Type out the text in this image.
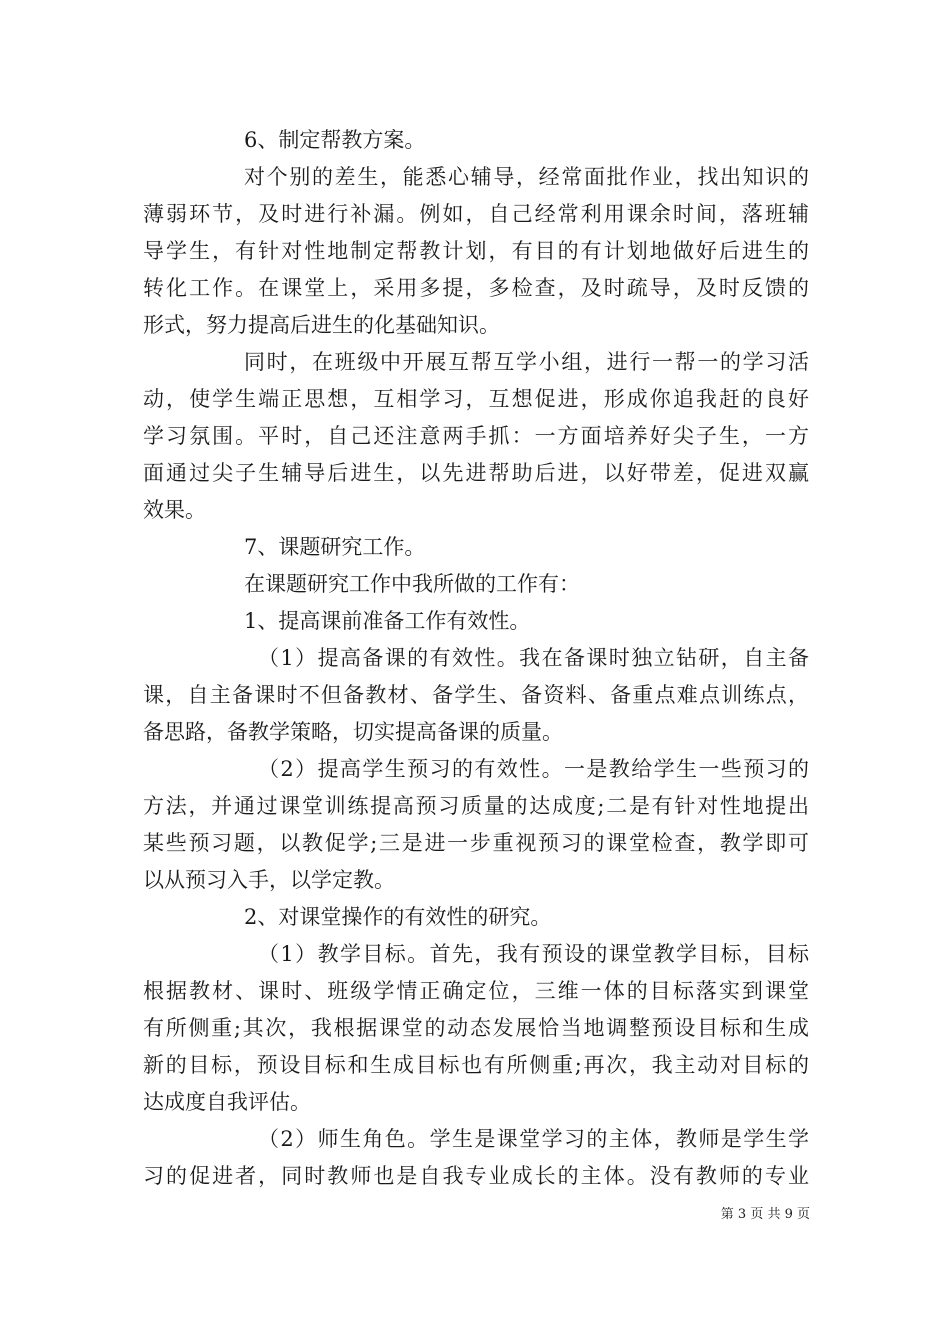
6、制定帮教方案。
对个别的差生，能悉心辅导，经常面批作业，找出知识的
薄弱环节，及时进行补漏。例如，自己经常利用课余时间，落班辅
导学生，有针对性地制定帮教计划，有目的有计划地做好后进生的
转化工作。在课堂上，采用多提，多检查，及时疏导，及时反馈的
形式，努力提高后进生的化基础知识。
同时，在班级中开展互帮互学小组，进行一帮一的学习活
动，使学生端正思想，互相学习，互想促进，形成你追我赶的良好
学习氛围。平时，自己还注意两手抓：一方面培养好尖子生，一方
面通过尖子生辅导后进生，以先进帮助后进，以好带差，促进双赢
效果。
7、课题研究工作。
在课题研究工作中我所做的工作有：
1、提高课前准备工作有效性。
（1）提高备课的有效性。我在备课时独立钻研，自主备
课，自主备课时不但备教材、备学生、备资料、备重点难点训练点，
备思路，备教学策略，切实提高备课的质量。
（2）提高学生预习的有效性。一是教给学生一些预习的
方法，并通过课堂训练提高预习质量的达成度;二是有针对性地提出
某些预习题，以教促学;三是进一步重视预习的课堂检查，教学即可
以从预习入手，以学定教。
2、对课堂操作的有效性的研究。
（1）教学目标。首先，我有预设的课堂教学目标，目标
根据教材、课时、班级学情正确定位，三维一体的目标落实到课堂
有所侧重;其次，我根据课堂的动态发展恰当地调整预设目标和生成
新的目标，预设目标和生成目标也有所侧重;再次，我主动对目标的
达成度自我评估。
（2）师生角色。学生是课堂学习的主体，教师是学生学
习的促进者，同时教师也是自我专业成长的主体。没有教师的专业
第 3 页 共 9 页
